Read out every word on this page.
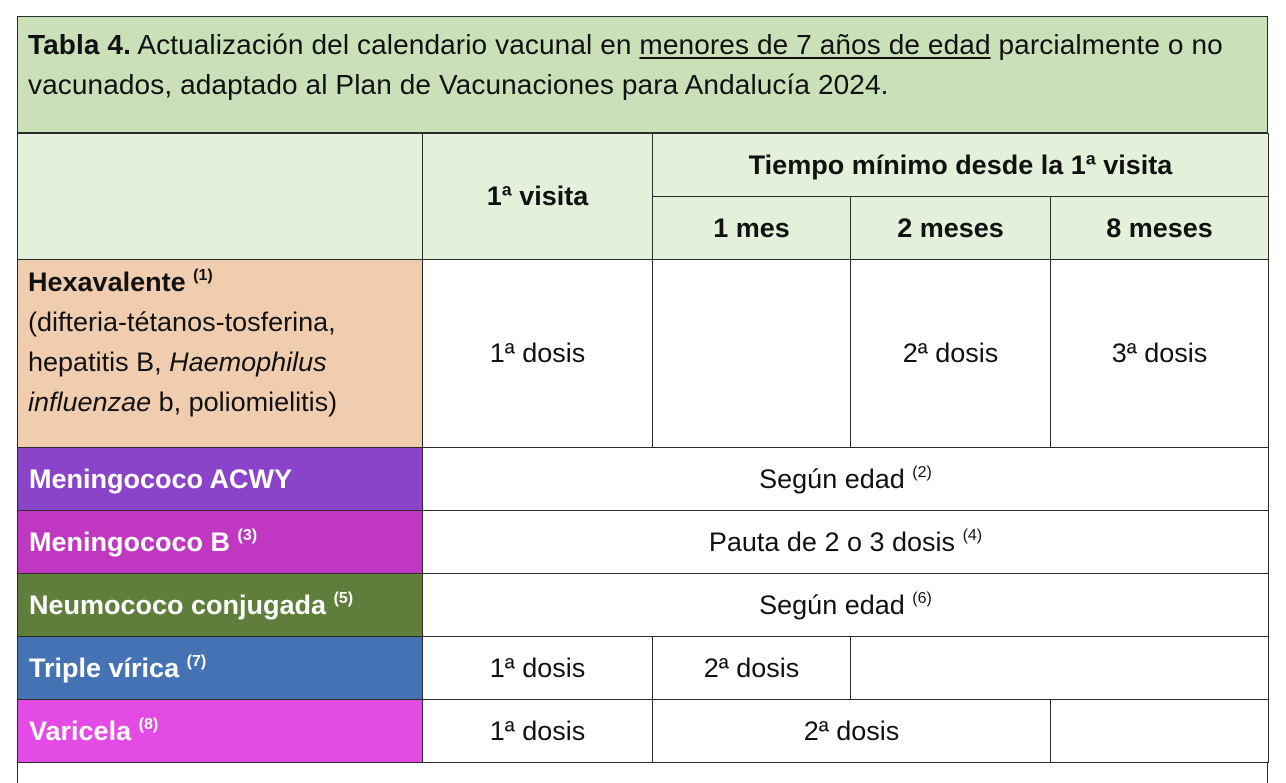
Tabla 4. Actualización del calendario vacunal en menores de 7 años de edad parcialmente o no vacunados, adaptado al Plan de Vacunaciones para Andalucía 2024.
	1ª visita	Tiempo mínimo desde la 1ª visita		
		1 mes	2 meses	8 meses

Hexavalente $^{(1)}$
(difteria-tétanos-tosferina,
hepatitis B, Haemophilus
influenzae b, poliomielitis)	1ª dosis		2ª dosis	3ª dosis
Meningococo ACWY	Según edad $^{(2)}$
Meningococo B $^{(3)}$	Pauta de 2 o 3 dosis $^{(4)}$
Neumococo conjugada $^{(5)}$	Según edad $^{(6)}$
Triple vírica $^{(7)}$	1ª dosis	2ª dosis		
Varicela $^{(8)}$	1ª dosis	2ª dosis		
